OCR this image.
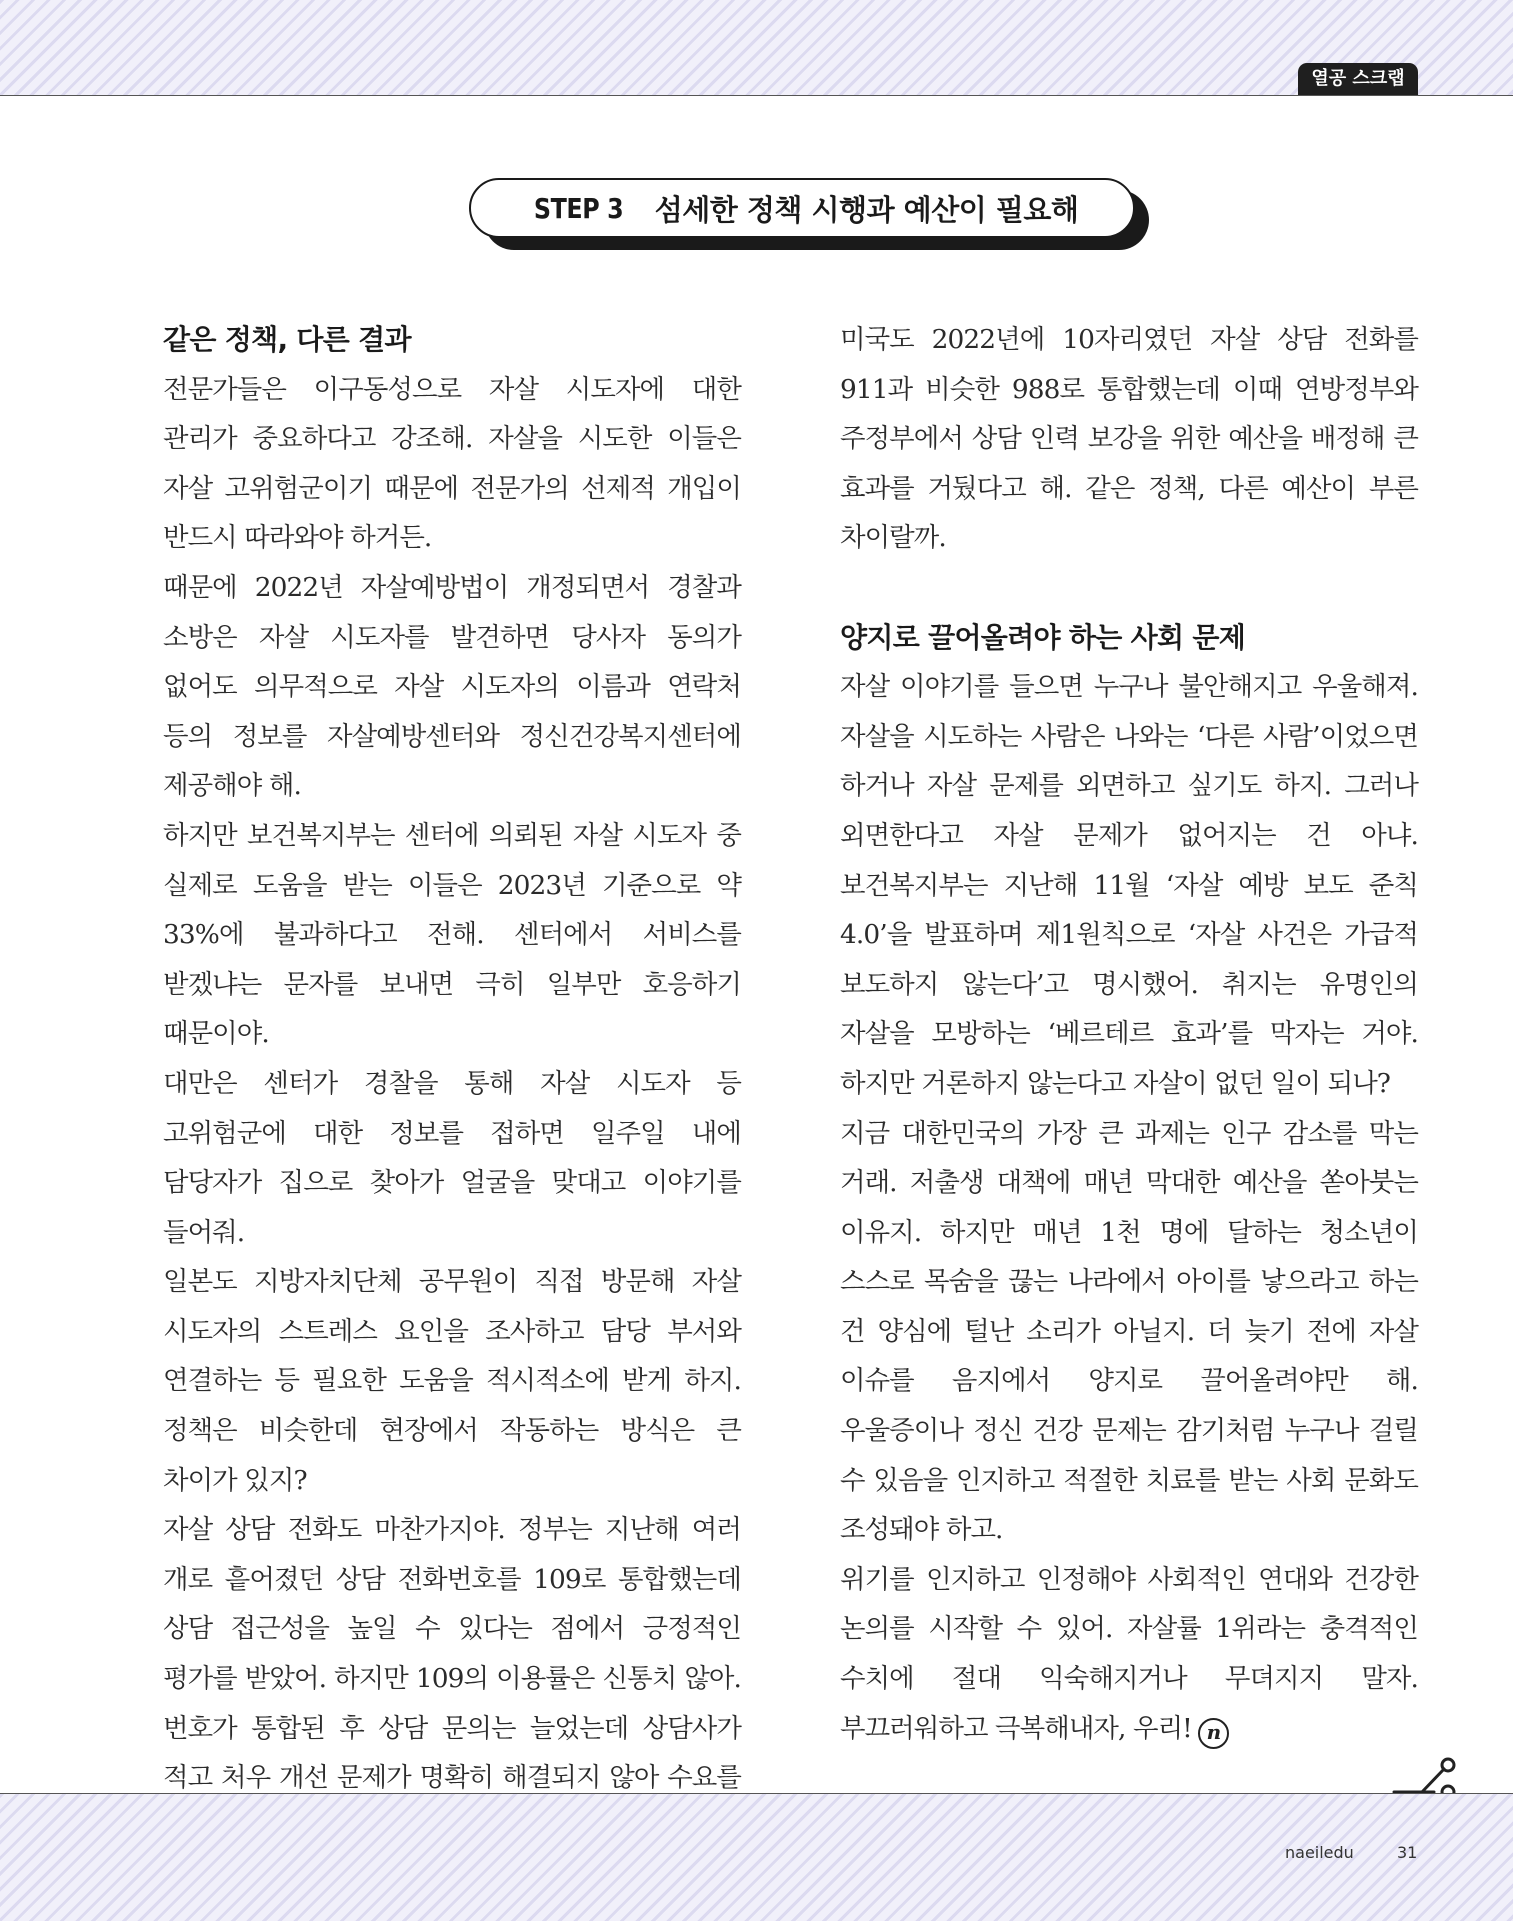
열공 스크랩
STEP 3 섬세한 정책 시행과 예산이 필요해
같은 정책, 다른 결과

전문가들은 이구동성으로 자살 시도자에 대한 관리가 중요하다고 강조해. 자살을 시도한 이들은 자살 고위험군이기 때문에 전문가의 선제적 개입이 반드시 따라와야 하거든.

때문에 2022년 자살예방법이 개정되면서 경찰과 소방은 자살 시도자를 발견하면 당사자 동의가 없어도 의무적으로 자살 시도자의 이름과 연락처 등의 정보를 자살예방센터와 정신건강복지센터에 제공해야 해.

하지만 보건복지부는 센터에 의뢰된 자살 시도자 중 실제로 도움을 받는 이들은 2023년 기준으로 약 33%에 불과하다고 전해. 센터에서 서비스를 받겠냐는 문자를 보내면 극히 일부만 호응하기 때문이야.

대만은 센터가 경찰을 통해 자살 시도자 등 고위험군에 대한 정보를 접하면 일주일 내에 담당자가 집으로 찾아가 얼굴을 맞대고 이야기를 들어줘.

일본도 지방자치단체 공무원이 직접 방문해 자살 시도자의 스트레스 요인을 조사하고 담당 부서와 연결하는 등 필요한 도움을 적시적소에 받게 하지. 정책은 비슷한데 현장에서 작동하는 방식은 큰 차이가 있지?

자살 상담 전화도 마찬가지야. 정부는 지난해 여러 개로 흩어졌던 상담 전화번호를 109로 통합했는데 상담 접근성을 높일 수 있다는 점에서 긍정적인 평가를 받았어. 하지만 109의 이용률은 신통치 않아. 번호가 통합된 후 상담 문의는 늘었는데 상담사가 적고 처우 개선 문제가 명확히 해결되지 않아 수요를

미국도 2022년에 10자리였던 자살 상담 전화를 911과 비슷한 988로 통합했는데 이때 연방정부와 주정부에서 상담 인력 보강을 위한 예산을 배정해 큰 효과를 거뒀다고 해. 같은 정책, 다른 예산이 부른 차이랄까.

양지로 끌어올려야 하는 사회 문제

자살 이야기를 들으면 누구나 불안해지고 우울해져. 자살을 시도하는 사람은 나와는 ‘다른 사람’이었으면 하거나 자살 문제를 외면하고 싶기도 하지. 그러나 외면한다고 자살 문제가 없어지는 건 아냐. 보건복지부는 지난해 11월 ‘자살 예방 보도 준칙 4.0’을 발표하며 제1원칙으로 ‘자살 사건은 가급적 보도하지 않는다’고 명시했어. 취지는 유명인의 자살을 모방하는 ‘베르테르 효과’를 막자는 거야. 하지만 거론하지 않는다고 자살이 없던 일이 되나?

지금 대한민국의 가장 큰 과제는 인구 감소를 막는 거래. 저출생 대책에 매년 막대한 예산을 쏟아붓는 이유지. 하지만 매년 1천 명에 달하는 청소년이 스스로 목숨을 끊는 나라에서 아이를 낳으라고 하는 건 양심에 털난 소리가 아닐지. 더 늦기 전에 자살 이슈를 음지에서 양지로 끌어올려야만 해. 우울증이나 정신 건강 문제는 감기처럼 누구나 걸릴 수 있음을 인지하고 적절한 치료를 받는 사회 문화도 조성돼야 하고.

위기를 인지하고 인정해야 사회적인 연대와 건강한 논의를 시작할 수 있어. 자살률 1위라는 충격적인 수치에 절대 익숙해지거나 무뎌지지 말자. 부끄러워하고 극복해내자, 우리! n

naeiledu	31
